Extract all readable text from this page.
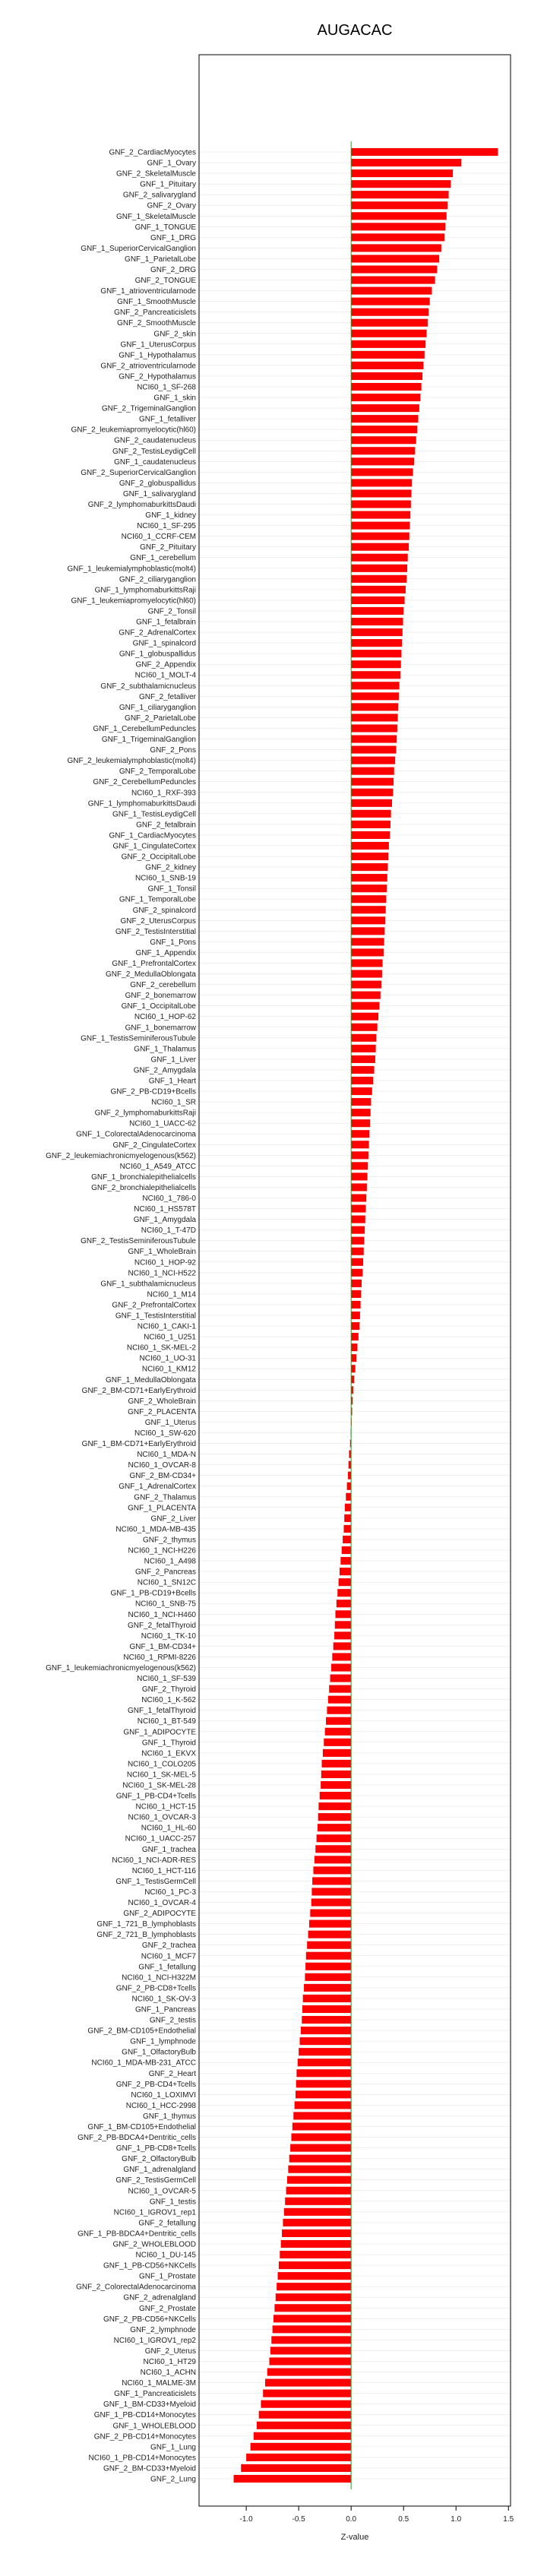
AUGACAC
GNF_2_CardiacMyocytes
GNF_1_Ovary
GNF_2_SkeletalMuscle
GNF_1_Pituitary
GNF_2_salivarygland
GNF_2_Ovary
GNF_1_SkeletalMuscle
GNF_1_TONGUE
GNF_1_DRG
GNF_1_SuperiorCervicalGanglion
GNF_1_ParietalLobe
GNF_2_DRG
GNF_2_TONGUE
GNF_1_atrioventricularnode
GNF_1_SmoothMuscle
GNF_2_Pancreaticislets
GNF_2_SmoothMuscle
GNF_2_skin
GNF_1_UterusCorpus
GNF_1_Hypothalamus
GNF_2_atrioventricularnode
GNF_2_Hypothalamus
NCI60_1_SF-268
GNF_1_skin
GNF_2_TrigeminalGanglion
GNF_1_fetalliver
GNF_2_leukemiapromyelocytic(hl60)
GNF_2_caudatenucleus
GNF_2_TestisLeydigCell
GNF_1_caudatenucleus
GNF_2_SuperiorCervicalGanglion
GNF_2_globuspallidus
GNF_1_salivarygland
GNF_2_lymphomaburkittsDaudi
GNF_1_kidney
NCI60_1_SF-295
NCI60_1_CCRF-CEM
GNF_2_Pituitary
GNF_1_cerebellum
GNF_1_leukemialymphoblastic(molt4)
GNF_2_ciliaryganglion
GNF_1_lymphomaburkittsRaji
GNF_1_leukemiapromyelocytic(hl60)
GNF_2_Tonsil
GNF_1_fetalbrain
GNF_2_AdrenalCortex
GNF_1_spinalcord
GNF_1_globuspallidus
GNF_2_Appendix
NCI60_1_MOLT-4
GNF_2_subthalamicnucleus
GNF_2_fetalliver
GNF_1_ciliaryganglion
GNF_2_ParietalLobe
GNF_1_CerebellumPeduncles
GNF_1_TrigeminalGanglion
GNF_2_Pons
GNF_2_leukemialymphoblastic(molt4)
GNF_2_TemporalLobe
GNF_2_CerebellumPeduncles
NCI60_1_RXF-393
GNF_1_lymphomaburkittsDaudi
GNF_1_TestisLeydigCell
GNF_2_fetalbrain
GNF_1_CardiacMyocytes
GNF_1_CingulateCortex
GNF_2_OccipitalLobe
GNF_2_kidney
NCI60_1_SNB-19
GNF_1_Tonsil
GNF_1_TemporalLobe
GNF_2_spinalcord
GNF_2_UterusCorpus
GNF_2_TestisInterstitial
GNF_1_Pons
GNF_1_Appendix
GNF_1_PrefrontalCortex
GNF_2_MedullaOblongata
GNF_2_cerebellum
GNF_2_bonemarrow
GNF_1_OccipitalLobe
NCI60_1_HOP-62
GNF_1_bonemarrow
GNF_1_TestisSeminiferousTubule
GNF_1_Thalamus
GNF_1_Liver
GNF_2_Amygdala
GNF_1_Heart
GNF_2_PB-CD19+Bcells
NCI60_1_SR
GNF_2_lymphomaburkittsRaji
NCI60_1_UACC-62
GNF_1_ColorectalAdenocarcinoma
GNF_2_CingulateCortex
GNF_2_leukemiachronicmyelogenous(k562)
NCI60_1_A549_ATCC
GNF_1_bronchialepithelialcells
GNF_2_bronchialepithelialcells
NCI60_1_786-0
NCI60_1_HS578T
GNF_1_Amygdala
NCI60_1_T-47D
GNF_2_TestisSeminiferousTubule
GNF_1_WholeBrain
NCI60_1_HOP-92
NCI60_1_NCI-H522
GNF_1_subthalamicnucleus
NCI60_1_M14
GNF_2_PrefrontalCortex
GNF_1_TestisInterstitial
NCI60_1_CAKI-1
NCI60_1_U251
NCI60_1_SK-MEL-2
NCI60_1_UO-31
NCI60_1_KM12
GNF_1_MedullaOblongata
GNF_2_BM-CD71+EarlyErythroid
GNF_2_WholeBrain
GNF_2_PLACENTA
GNF_1_Uterus
NCI60_1_SW-620
GNF_1_BM-CD71+EarlyErythroid
NCI60_1_MDA-N
NCI60_1_OVCAR-8
GNF_2_BM-CD34+
GNF_1_AdrenalCortex
GNF_2_Thalamus
GNF_1_PLACENTA
GNF_2_Liver
NCI60_1_MDA-MB-435
GNF_2_thymus
NCI60_1_NCI-H226
NCI60_1_A498
GNF_2_Pancreas
NCI60_1_SN12C
GNF_1_PB-CD19+Bcells
NCI60_1_SNB-75
NCI60_1_NCI-H460
GNF_2_fetalThyroid
NCI60_1_TK-10
GNF_1_BM-CD34+
NCI60_1_RPMI-8226
GNF_1_leukemiachronicmyelogenous(k562)
NCI60_1_SF-539
GNF_2_Thyroid
NCI60_1_K-562
GNF_1_fetalThyroid
NCI60_1_BT-549
GNF_1_ADIPOCYTE
GNF_1_Thyroid
NCI60_1_EKVX
NCI60_1_COLO205
NCI60_1_SK-MEL-5
NCI60_1_SK-MEL-28
GNF_1_PB-CD4+Tcells
NCI60_1_HCT-15
NCI60_1_OVCAR-3
NCI60_1_HL-60
NCI60_1_UACC-257
GNF_1_trachea
NCI60_1_NCI-ADR-RES
NCI60_1_HCT-116
GNF_1_TestisGermCell
NCI60_1_PC-3
NCI60_1_OVCAR-4
GNF_2_ADIPOCYTE
GNF_1_721_B_lymphoblasts
GNF_2_721_B_lymphoblasts
GNF_2_trachea
NCI60_1_MCF7
GNF_1_fetallung
NCI60_1_NCI-H322M
GNF_2_PB-CD8+Tcells
NCI60_1_SK-OV-3
GNF_1_Pancreas
GNF_2_testis
GNF_2_BM-CD105+Endothelial
GNF_1_lymphnode
GNF_1_OlfactoryBulb
NCI60_1_MDA-MB-231_ATCC
GNF_2_Heart
GNF_2_PB-CD4+Tcells
NCI60_1_LOXIMVI
NCI60_1_HCC-2998
GNF_1_thymus
GNF_1_BM-CD105+Endothelial
GNF_2_PB-BDCA4+Dentritic_cells
GNF_1_PB-CD8+Tcells
GNF_2_OlfactoryBulb
GNF_1_adrenalgland
GNF_2_TestisGermCell
NCI60_1_OVCAR-5
GNF_1_testis
NCI60_1_IGROV1_rep1
GNF_2_fetallung
GNF_1_PB-BDCA4+Dentritic_cells
GNF_2_WHOLEBLOOD
NCI60_1_DU-145
GNF_1_PB-CD56+NKCells
GNF_1_Prostate
GNF_2_ColorectalAdenocarcinoma
GNF_2_adrenalgland
GNF_2_Prostate
GNF_2_PB-CD56+NKCells
GNF_2_lymphnode
NCI60_1_IGROV1_rep2
GNF_2_Uterus
NCI60_1_HT29
NCI60_1_ACHN
NCI60_1_MALME-3M
GNF_1_Pancreaticislets
GNF_1_BM-CD33+Myeloid
GNF_1_PB-CD14+Monocytes
GNF_1_WHOLEBLOOD
GNF_2_PB-CD14+Monocytes
GNF_1_Lung
NCI60_1_PB-CD14+Monocytes
GNF_2_BM-CD33+Myeloid
GNF_2_Lung
-1.0	-0.5	0.0	0.5	1.0	1.5
Z-value
